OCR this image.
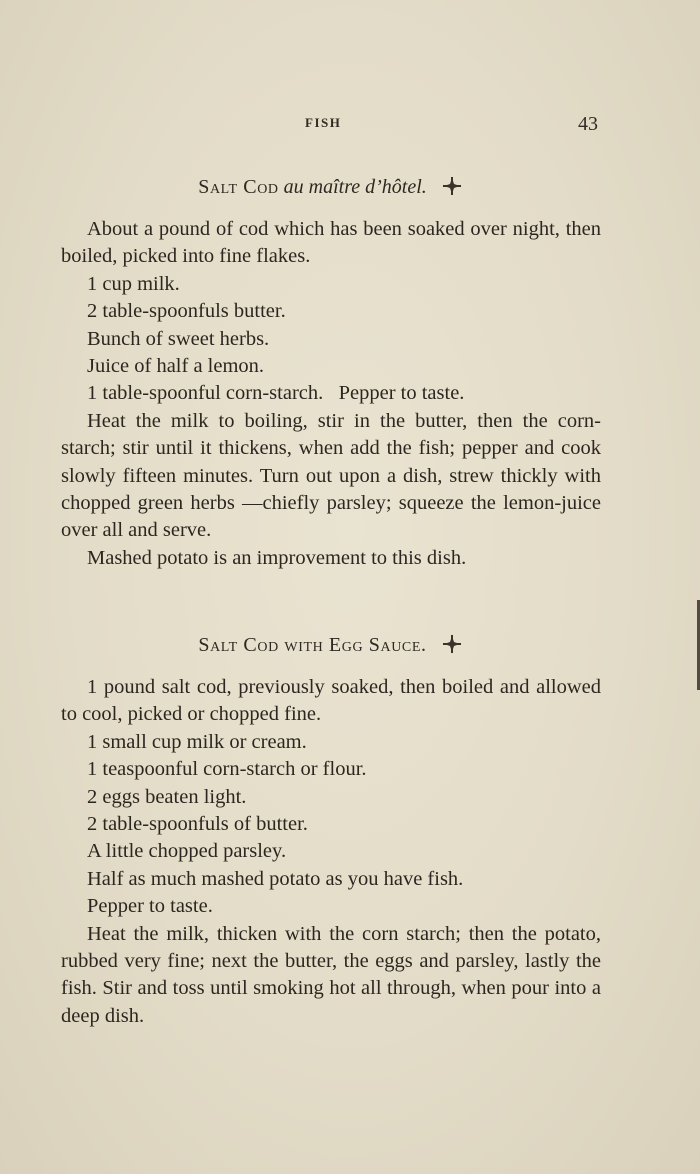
FISH	43
Salt Cod au maître d’hôtel.

About a pound of cod which has been soaked over night, then boiled, picked into fine flakes.

1 cup milk.

2 table-spoonfuls butter.

Bunch of sweet herbs.

Juice of half a lemon.

1 table-spoonful corn-starch.   Pepper to taste.

Heat the milk to boiling, stir in the butter, then the corn-starch; stir until it thickens, when add the fish; pepper and cook slowly fifteen minutes. Turn out upon a dish, strew thickly with chopped green herbs —chiefly parsley; squeeze the lemon-juice over all and serve.

Mashed potato is an improvement to this dish.

Salt Cod with Egg Sauce.

1 pound salt cod, previously soaked, then boiled and allowed to cool, picked or chopped fine.

1 small cup milk or cream.

1 teaspoonful corn-starch or flour.

2 eggs beaten light.

2 table-spoonfuls of butter.

A little chopped parsley.

Half as much mashed potato as you have fish.

Pepper to taste.

Heat the milk, thicken with the corn starch; then the potato, rubbed very fine; next the butter, the eggs and parsley, lastly the fish. Stir and toss until smoking hot all through, when pour into a deep dish.
